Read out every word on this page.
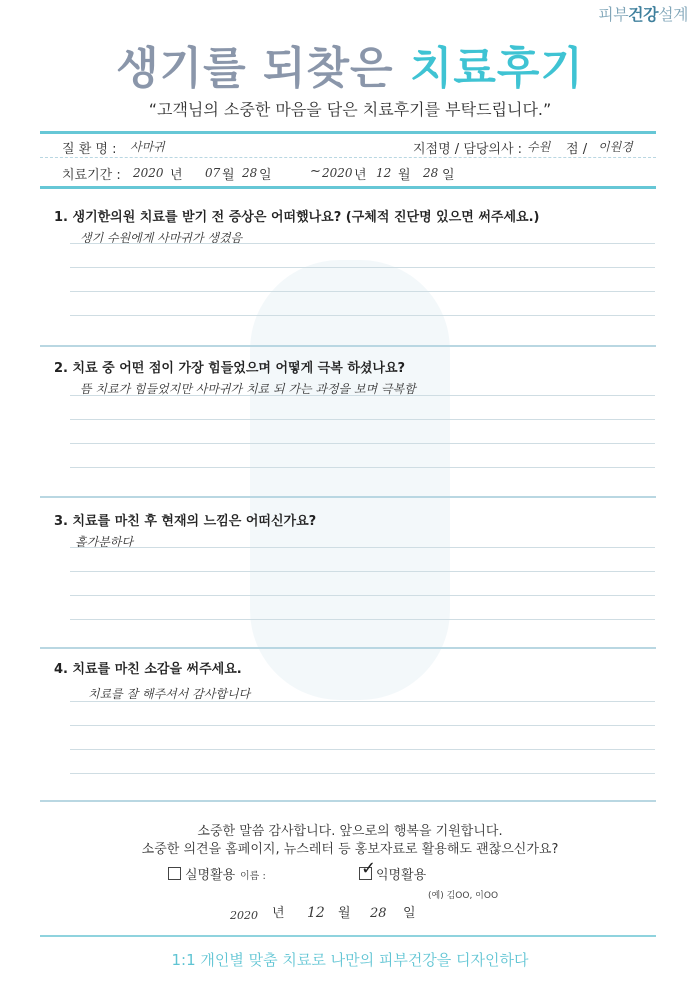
피부건강설계
생기를 되찾은 치료후기
“고객님의 소중한 마음을 담은 치료후기를 부탁드립니다.”
질 환 명 : 사마귀	지점명 / 담당의사 : 수원 점 / 이원경
치료기간 : 2020 년 07 월 28 일	~ 2020 년 12 월 28 일
1. 생기한의원 치료를 받기 전 증상은 어떠했나요? (구체적 진단명 있으면 써주세요.)
생기 수원에게 사마귀가 생겼음
2. 치료 중 어떤 점이 가장 힘들었으며 어떻게 극복 하셨나요?
뜸 치료가 힘들었지만 사마귀가 치료 되 가는 과정을 보며 극복함
3. 치료를 마친 후 현재의 느낌은 어떠신가요?
홀가분하다
4. 치료를 마친 소감을 써주세요.
치료를 잘 해주셔서 감사합니다
소중한 말씀 감사합니다. 앞으로의 행복을 기원합니다.
소중한 의견을 홈페이지, 뉴스레터 등 홍보자료로 활용해도 괜찮으신가요?
실명활용 이름 :	✓ 익명활용
(예) 김OO, 이OO
2020 년 12 월 28 일
1:1 개인별 맞춤 치료로 나만의 피부건강을 디자인하다
